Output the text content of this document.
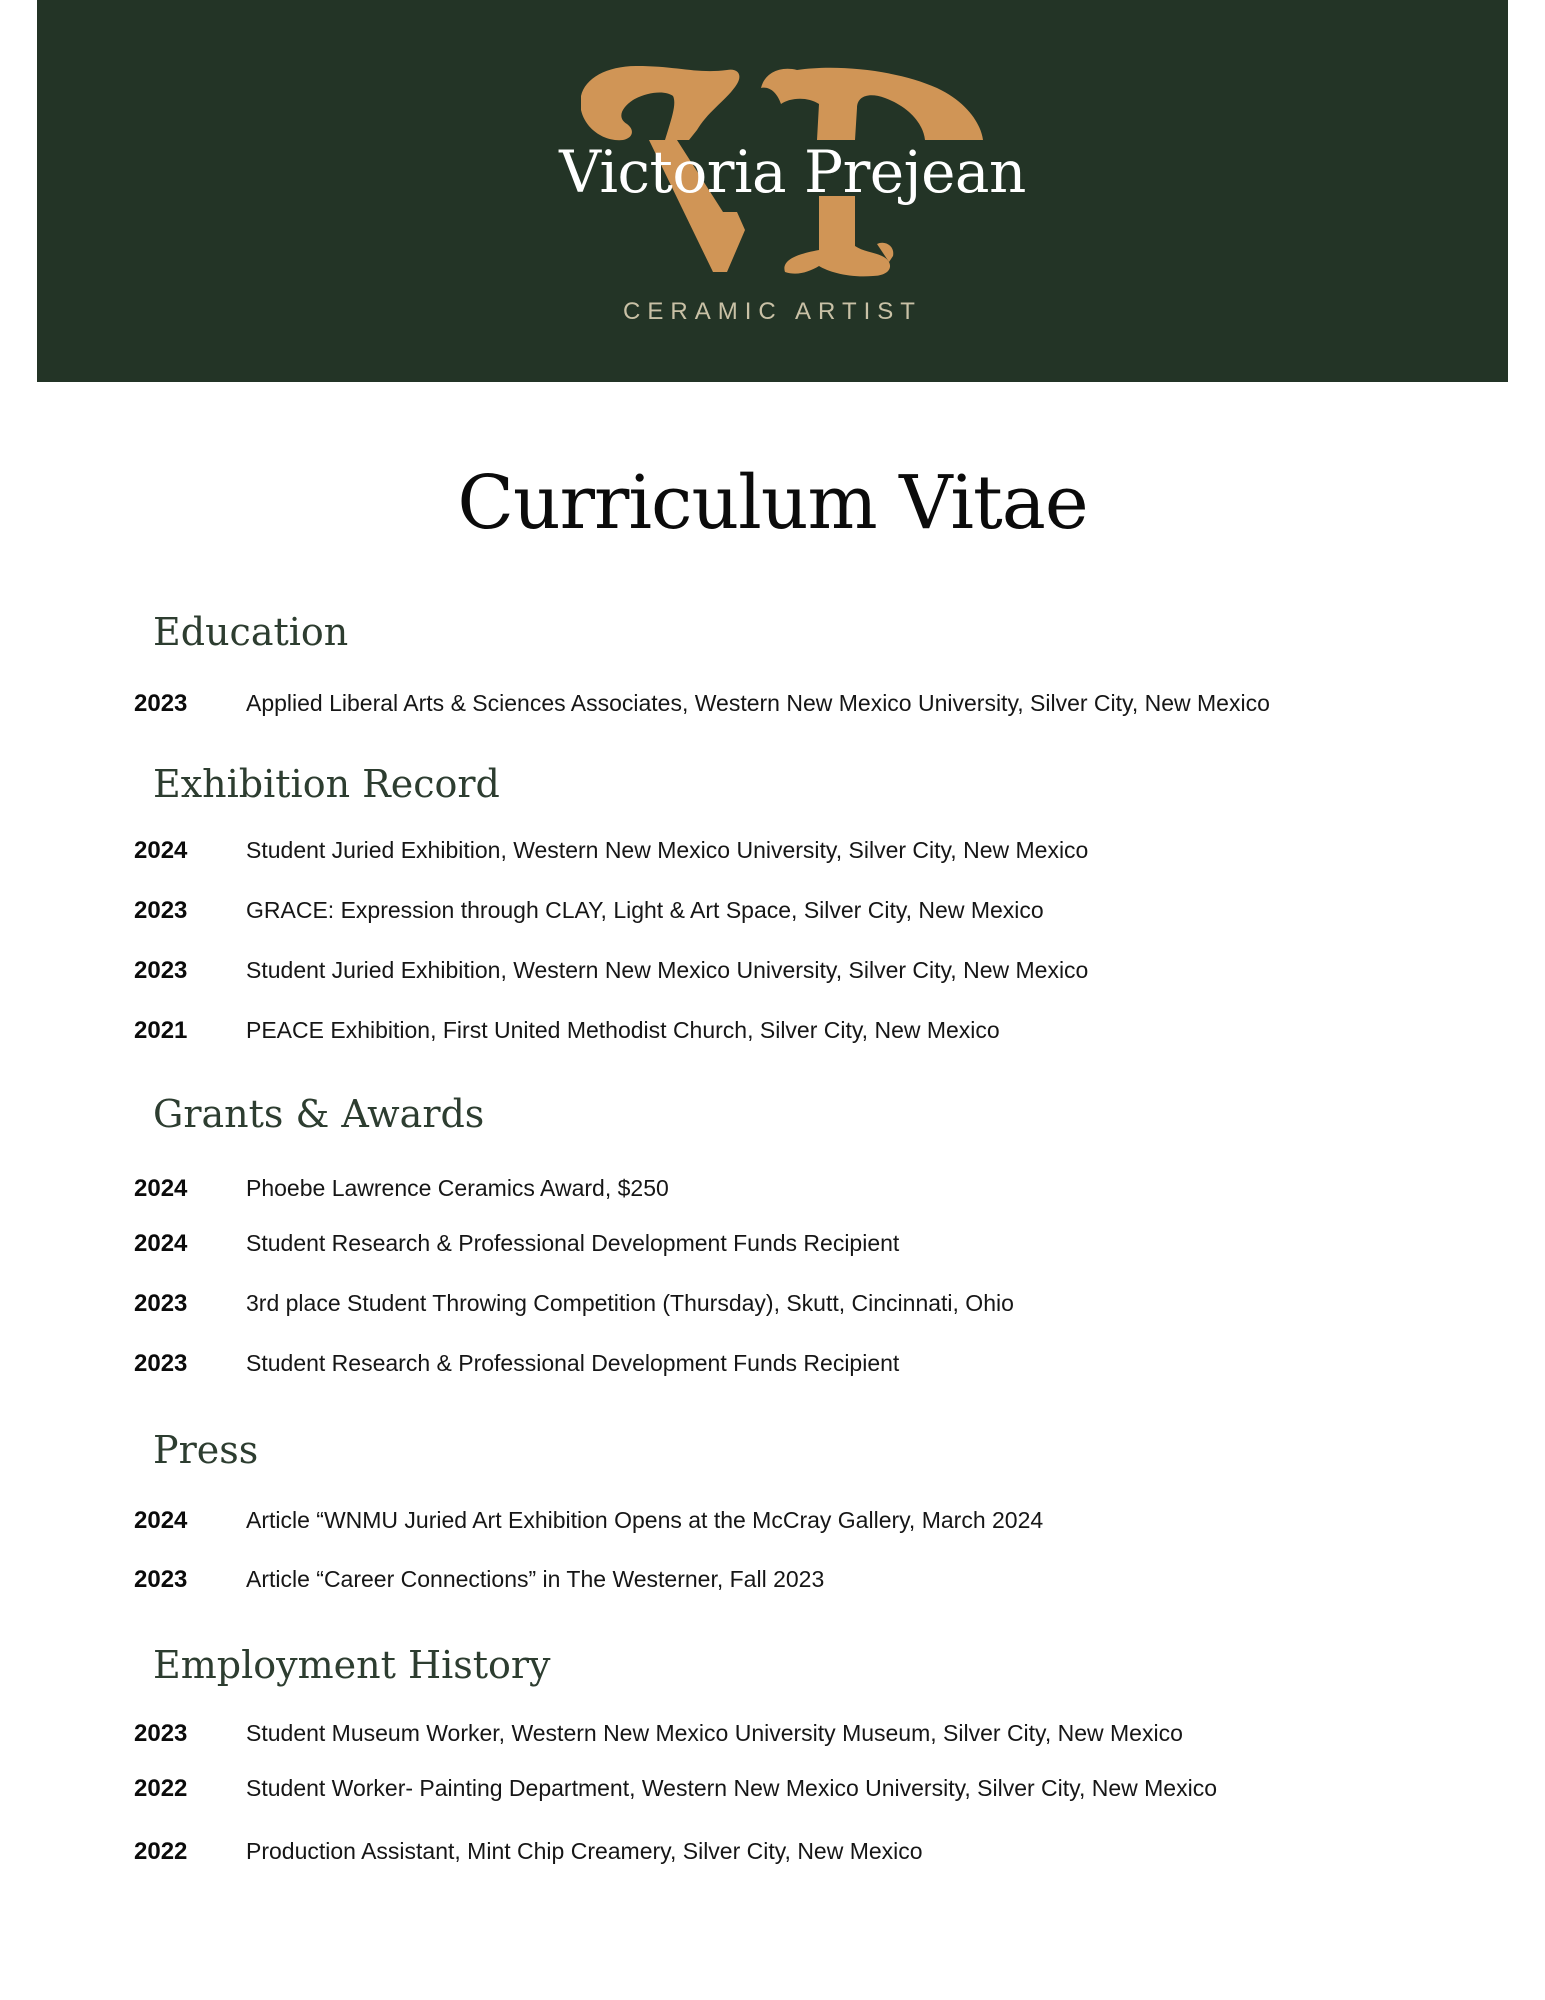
Victoria Prejean
CERAMIC ARTIST
Curriculum Vitae
Education
2023	Applied Liberal Arts & Sciences Associates, Western New Mexico University, Silver City, New Mexico
Exhibition Record
2024	Student Juried Exhibition, Western New Mexico University, Silver City, New Mexico
2023	GRACE: Expression through CLAY, Light & Art Space, Silver City, New Mexico
2023	Student Juried Exhibition, Western New Mexico University, Silver City, New Mexico
2021	PEACE Exhibition, First United Methodist Church, Silver City, New Mexico
Grants & Awards
2024	Phoebe Lawrence Ceramics Award, $250
2024	Student Research & Professional Development Funds Recipient
2023	3rd place Student Throwing Competition (Thursday), Skutt, Cincinnati, Ohio
2023	Student Research & Professional Development Funds Recipient
Press
2024	Article “WNMU Juried Art Exhibition Opens at the McCray Gallery, March 2024
2023	Article “Career Connections” in The Westerner, Fall 2023
Employment History
2023	Student Museum Worker, Western New Mexico University Museum, Silver City, New Mexico
2022	Student Worker- Painting Department, Western New Mexico University, Silver City, New Mexico
2022	Production Assistant, Mint Chip Creamery, Silver City, New Mexico
